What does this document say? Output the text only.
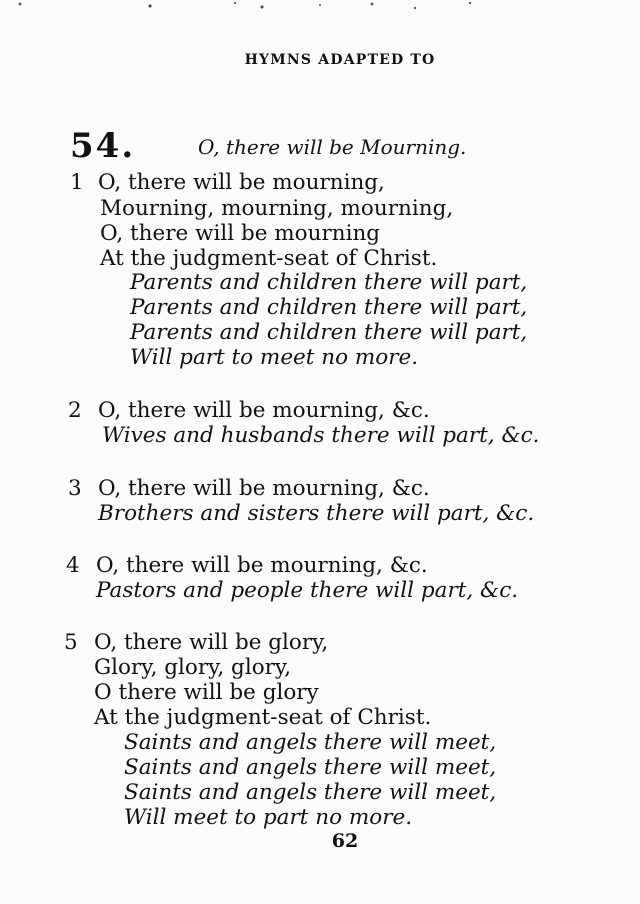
HYMNS ADAPTED TO
54.	O, there will be Mourning.
1 O, there will be mourning,
Mourning, mourning, mourning,
O, there will be mourning
At the judgment-seat of Christ.
Parents and children there will part,
Parents and children there will part,
Parents and children there will part,
Will part to meet no more.
2 O, there will be mourning, &c.
Wives and husbands there will part, &c.
3 O, there will be mourning, &c.
Brothers and sisters there will part, &c.
4 O, there will be mourning, &c.
Pastors and people there will part, &c.
5 O, there will be glory,
Glory, glory, glory,
O there will be glory
At the judgment-seat of Christ.
Saints and angels there will meet,
Saints and angels there will meet,
Saints and angels there will meet,
Will meet to part no more.
62
